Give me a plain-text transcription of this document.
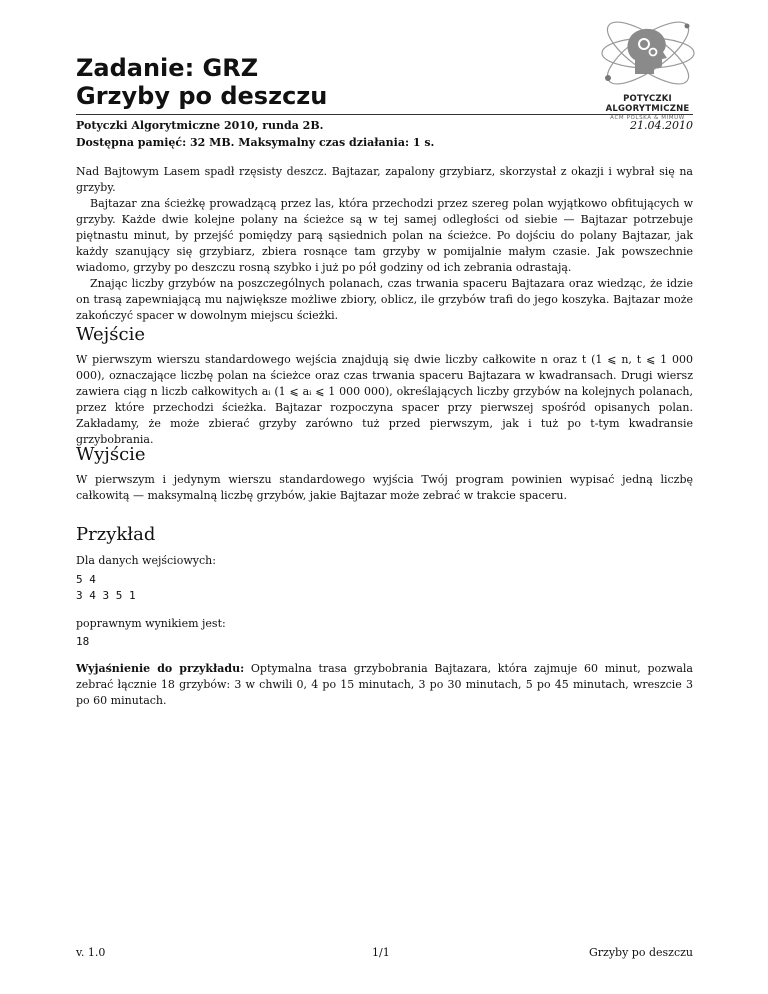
Zadanie: GRZ
Grzyby po deszczu	POTYCZKI ALGORYTMICZNE
ACM POLSKA & MIMUW
Potyczki Algorytmiczne 2010, runda 2B.	21.04.2010
Dostępna pamięć: 32 MB. Maksymalny czas działania: 1 s.

Nad Bajtowym Lasem spadł rzęsisty deszcz. Bajtazar, zapalony grzybiarz, skorzystał z okazji i wybrał się na grzyby.

Bajtazar zna ścieżkę prowadzącą przez las, która przechodzi przez szereg polan wyjątkowo obfitujących w grzyby. Każde dwie kolejne polany na ścieżce są w tej samej odległości od siebie — Bajtazar potrzebuje piętnastu minut, by przejść pomiędzy parą sąsiednich polan na ścieżce. Po dojściu do polany Bajtazar, jak każdy szanujący się grzybiarz, zbiera rosnące tam grzyby w pomijalnie małym czasie. Jak powszechnie wiadomo, grzyby po deszczu rosną szybko i już po pół godziny od ich zebrania odrastają.

Znając liczby grzybów na poszczególnych polanach, czas trwania spaceru Bajtazara oraz wiedząc, że idzie on trasą zapewniającą mu największe możliwe zbiory, oblicz, ile grzybów trafi do jego koszyka. Bajtazar może zakończyć spacer w dowolnym miejscu ścieżki.

Wejście

W pierwszym wierszu standardowego wejścia znajdują się dwie liczby całkowite n oraz t (1 ⩽ n, t ⩽ 1 000 000), oznaczające liczbę polan na ścieżce oraz czas trwania spaceru Bajtazara w kwadransach. Drugi wiersz zawiera ciąg n liczb całkowitych aᵢ (1 ⩽ aᵢ ⩽ 1 000 000), określających liczby grzybów na kolejnych polanach, przez które przechodzi ścieżka. Bajtazar rozpoczyna spacer przy pierwszej spośród opisanych polan. Zakładamy, że może zbierać grzyby zarówno tuż przed pierwszym, jak i tuż po t-tym kwadransie grzybobrania.

Wyjście

W pierwszym i jedynym wierszu standardowego wyjścia Twój program powinien wypisać jedną liczbę całkowitą — maksymalną liczbę grzybów, jakie Bajtazar może zebrać w trakcie spaceru.

Przykład

Dla danych wejściowych:

5 4
3 4 3 5 1

poprawnym wynikiem jest:

18

Wyjaśnienie do przykładu: Optymalna trasa grzybobrania Bajtazara, która zajmuje 60 minut, pozwala zebrać łącznie 18 grzybów: 3 w chwili 0, 4 po 15 minutach, 3 po 30 minutach, 5 po 45 minutach, wreszcie 3 po 60 minutach.

v. 1.0	1/1	Grzyby po deszczu
